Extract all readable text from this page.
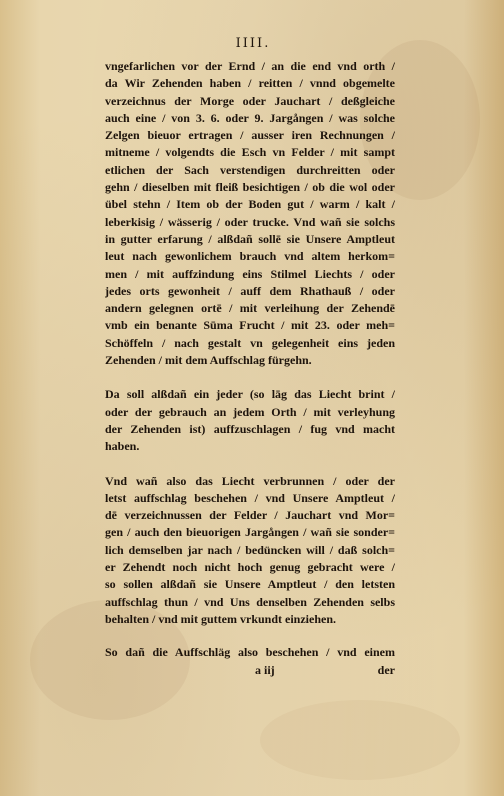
IIII.
vngefarlichen vor der Ernd / an die end vnd orth /
da Wir Zehenden haben / reitten / vnnd obgemelte
verzeichnus der Morge oder Jauchart / deßgleiche
auch eine / von 3. 6. oder 9. Jargången / was solche
Zelgen bieuor ertragen / ausser iren Rechnungen /
mitneme / volgendts die Esch vn Felder / mit sampt
etlichen der Sach verstendigen durchreitten oder
gehn / dieselben mit fleiß besichtigen / ob die wol oder
übel stehn / Item ob der Boden gut / warm / kalt /
leberkisig / wässerig / oder trucke. Vnd wañ sie solchs
in gutter erfarung / alßdañ sollē sie Unsere Amptleut
leut nach gewonlichem brauch vnd altem herkom=
men / mit auffzindung eins Stilmel Liechts / oder
jedes orts gewonheit / auff dem Rhathauß / oder
andern gelegnen ortē / mit verleihung der Zehendē
vmb ein benante Sūma Frucht / mit 23. oder meh=
Schöffeln / nach gestalt vn gelegenheit eins jeden
Zehenden / mit dem Auffschlag fürgehn.
Da soll alßdañ ein jeder (so lāg das Liecht brint /
oder der gebrauch an jedem Orth / mit verleyhung
der Zehenden ist) auffzuschlagen / fug vnd macht
haben.
Vnd wañ also das Liecht verbrunnen / oder der
letst auffschlag beschehen / vnd Unsere Amptleut /
dē verzeichnussen der Felder / Jauchart vnd Mor=
gen / auch den bieuorigen Jargången / wañ sie sonder=
lich demselben jar nach / bedüncken will / daß solch=
er Zehendt noch nicht hoch genug gebracht were /
so sollen alßdañ sie Unsere Amptleut / den letsten
auffschlag thun / vnd Uns denselben Zehenden selbs
behalten / vnd mit guttem vrkundt einziehen.
So dañ die Auffschläg also beschehen / vnd einem
a iij	der
